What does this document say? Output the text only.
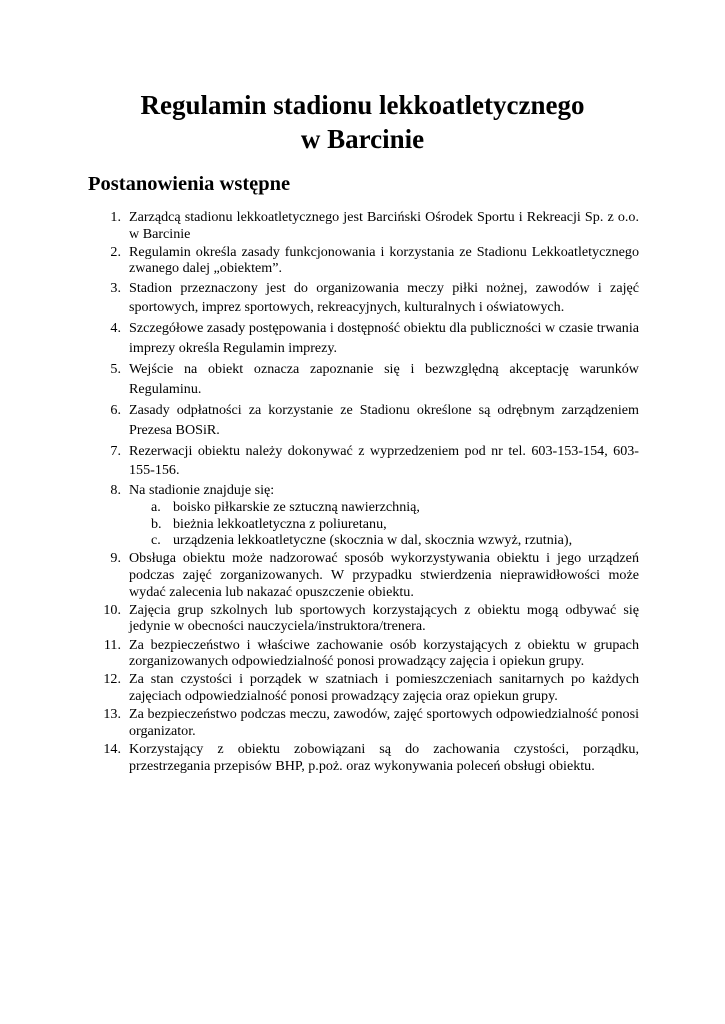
Regulamin stadionu lekkoatletycznego
w Barcinie
Postanowienia wstępne
1. Zarządcą stadionu lekkoatletycznego jest Barciński Ośrodek Sportu i Rekreacji Sp. z o.o. w Barcinie
2. Regulamin określa zasady funkcjonowania i korzystania ze Stadionu Lekkoatletycznego zwanego dalej „obiektem”.
3. Stadion przeznaczony jest do organizowania meczy piłki nożnej, zawodów i zajęć sportowych, imprez sportowych, rekreacyjnych, kulturalnych i oświatowych.
4. Szczegółowe zasady postępowania i dostępność obiektu dla publiczności w czasie trwania imprezy określa Regulamin imprezy.
5. Wejście na obiekt oznacza zapoznanie się i bezwzględną akceptację warunków Regulaminu.
6. Zasady odpłatności za korzystanie ze Stadionu określone są odrębnym zarządzeniem Prezesa BOSiR.
7. Rezerwacji obiektu należy dokonywać z wyprzedzeniem pod nr tel. 603-153-154, 603-155-156.
8. Na stadionie znajduje się:
a. boisko piłkarskie ze sztuczną nawierzchnią,
b. bieżnia lekkoatletyczna z poliuretanu,
c. urządzenia lekkoatletyczne (skocznia w dal, skocznia wzwyż, rzutnia),
9. Obsługa obiektu może nadzorować sposób wykorzystywania obiektu i jego urządzeń podczas zajęć zorganizowanych. W przypadku stwierdzenia nieprawidłowości może wydać zalecenia lub nakazać opuszczenie obiektu.
10. Zajęcia grup szkolnych lub sportowych korzystających z obiektu mogą odbywać się jedynie w obecności nauczyciela/instruktora/trenera.
11. Za bezpieczeństwo i właściwe zachowanie osób korzystających z obiektu w grupach zorganizowanych odpowiedzialność ponosi prowadzący zajęcia i opiekun grupy.
12. Za stan czystości i porządek w szatniach i pomieszczeniach sanitarnych po każdych zajęciach odpowiedzialność ponosi prowadzący zajęcia oraz opiekun grupy.
13. Za bezpieczeństwo podczas meczu, zawodów, zajęć sportowych odpowiedzialność ponosi organizator.
14. Korzystający z obiektu zobowiązani są do zachowania czystości, porządku, przestrzegania przepisów BHP, p.poż. oraz wykonywania poleceń obsługi obiektu.
